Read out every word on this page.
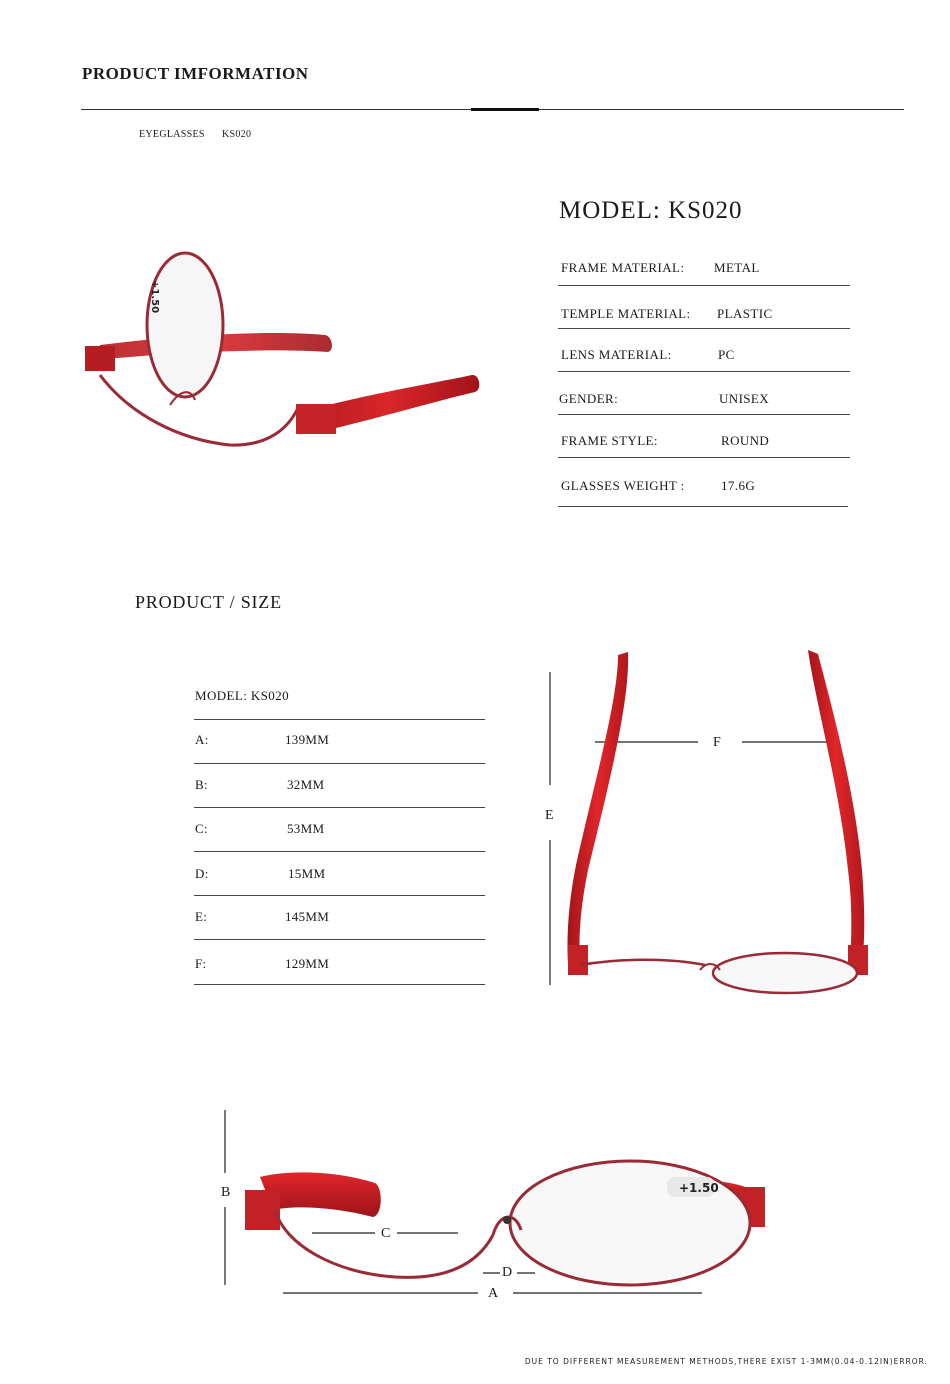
PRODUCT IMFORMATION
EYEGLASSES KS020
+1.50
MODEL: KS020
FRAME MATERIAL: METAL
TEMPLE MATERIAL: PLASTIC
LENS MATERIAL:	PC
GENDER:	UNISEX
FRAME STYLE:	ROUND
GLASSES WEIGHT :	17.6G
PRODUCT / SIZE
MODEL: KS020
A:	139MM
B:	32MM
C:	53MM
D:	15MM
E:	145MM
F:	129MM
E
F
+1.50
B
C
D
A
DUE TO DIFFERENT MEASUREMENT METHODS,THERE EXIST 1-3MM(0.04-0.12IN)ERROR.
